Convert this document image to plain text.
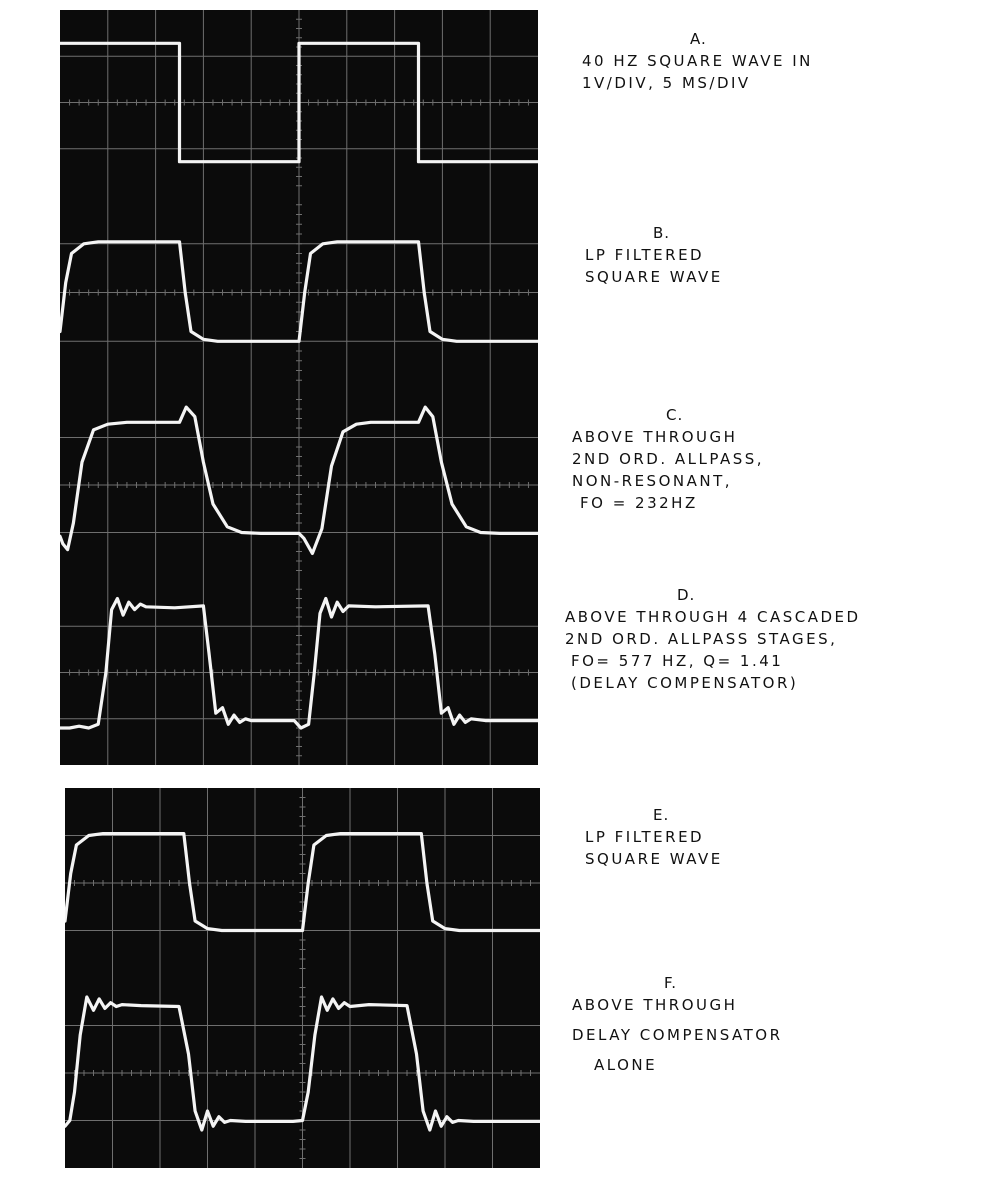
A.
40 HZ SQUARE WAVE IN
1V/DIV, 5 MS/DIV
B.
LP FILTERED
SQUARE WAVE
C.
ABOVE THROUGH
2ND ORD. ALLPASS,
NON-RESONANT,
FO = 232HZ
D.
ABOVE THROUGH 4 CASCADED
2ND ORD. ALLPASS STAGES,
FO= 577 HZ, Q= 1.41
(DELAY COMPENSATOR)
E.
LP FILTERED
SQUARE WAVE
F.
ABOVE THROUGH
DELAY COMPENSATOR
ALONE
